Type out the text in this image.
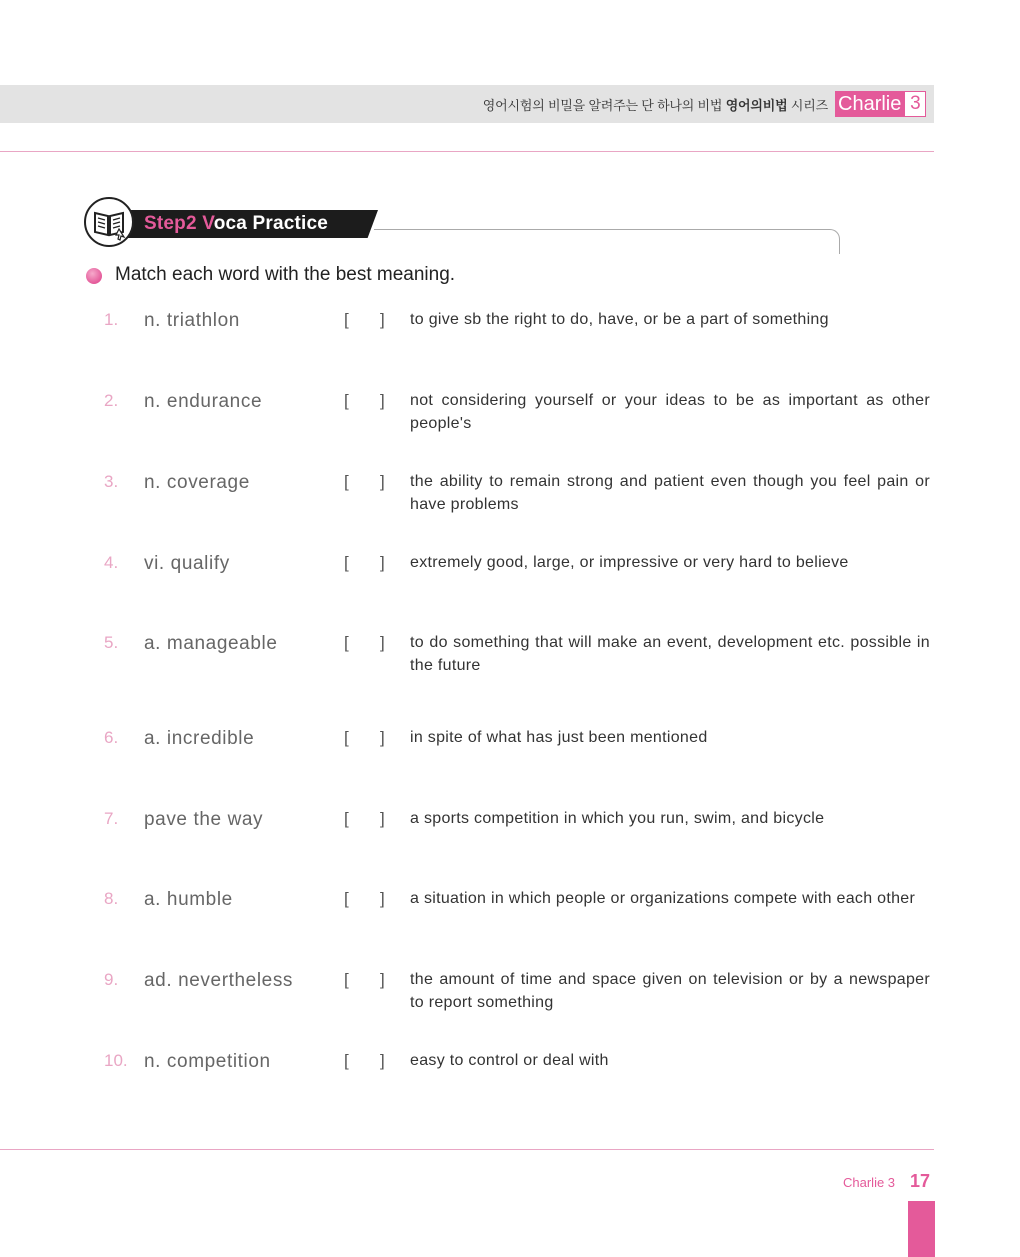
영어시험의 비밀을 알려주는 단 하나의 비법 영어의비법 시리즈 Charlie 3
Step2 Voca Practice
Match each word with the best meaning.
1. n. triathlon	[ ] to give sb the right to do, have, or be a part of something
2. n. endurance	[ ] not considering yourself or your ideas to be as important as other people's
3. n. coverage	[ ] the ability to remain strong and patient even though you feel pain or have problems
4. vi. qualify	[ ] extremely good, large, or impressive or very hard to believe
5. a. manageable	[ ] to do something that will make an event, development etc. possible in the future
6. a. incredible	[ ] in spite of what has just been mentioned
7. pave the way	[ ] a sports competition in which you run, swim, and bicycle
8. a. humble	[ ] a situation in which people or organizations compete with each other
9. ad. nevertheless	[ ] the amount of time and space given on television or by a newspaper to report something
10. n. competition	[ ] easy to control or deal with
Charlie 3 17
